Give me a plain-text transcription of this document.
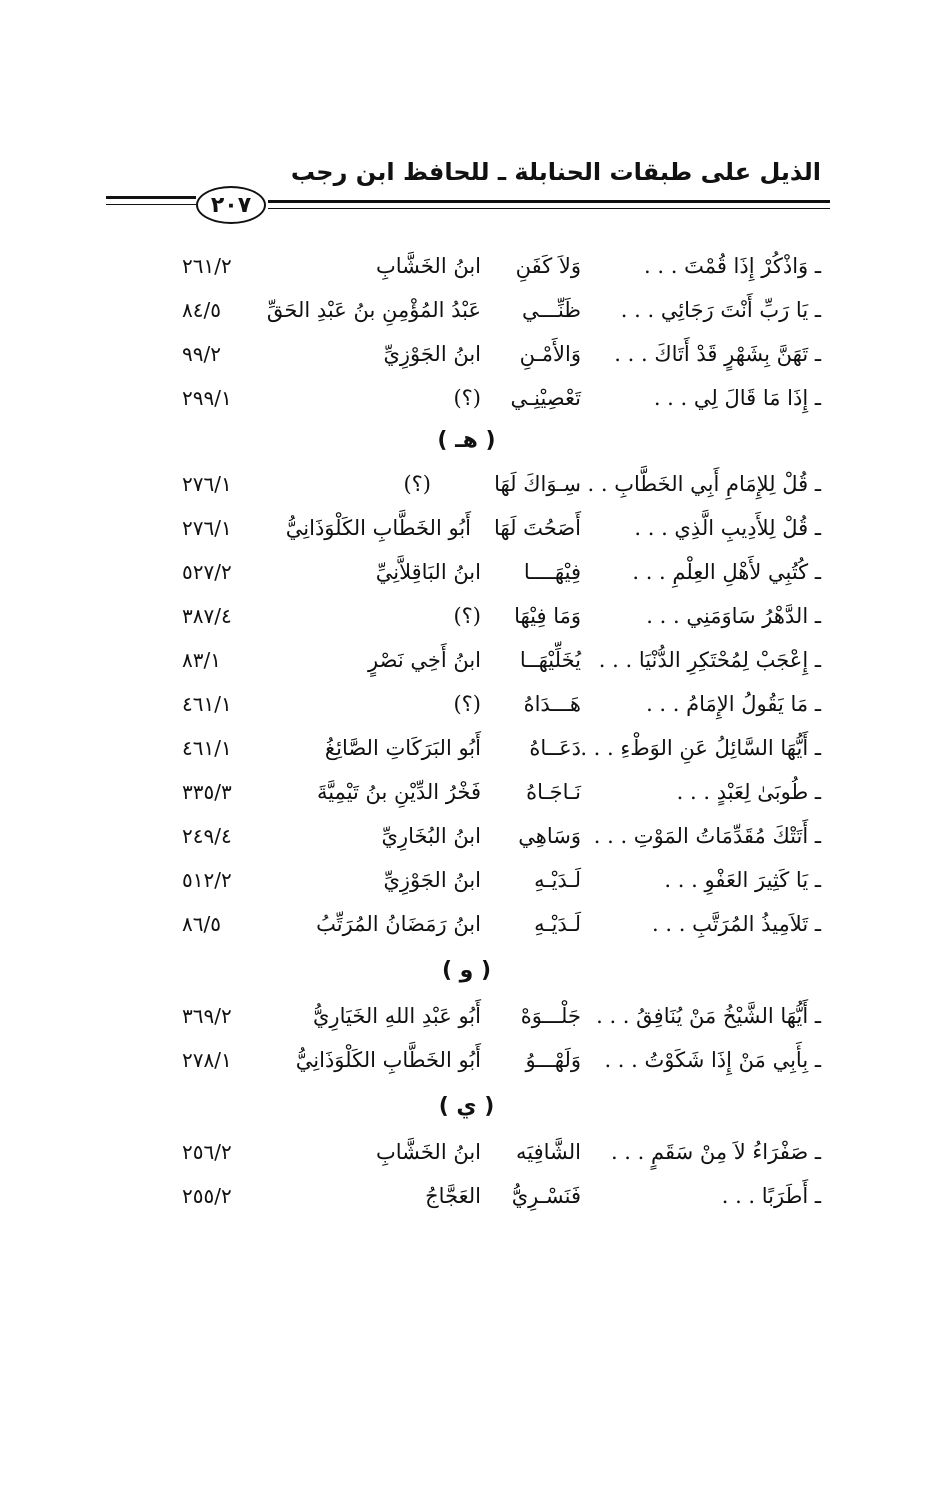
الذيل على طبقات الحنابلة ـ للحافظ ابن رجب
٢٠٧
ـ وَاذْكُرْ إِذَا قُمْتَ . . .
وَلاَ كَفَنِ
ابنُ الخَشَّابِ
٢٦١/٢
ـ يَا رَبِّ أَنْتَ رَجَائِي . . .
ظَنِّـــي
عَبْدُ المُؤْمِنِ بنُ عَبْدِ الحَقِّ
٨٤/٥
ـ تَهَنَّ بِشَهْرٍ قَدْ أَتَاكَ . . .
وَالأَمْـنِ
ابنُ الجَوْزِيِّ
٩٩/٢
ـ إِذَا مَا قَالَ لِي . . .
تَعْصِيْنِـي
(؟)
٢٩٩/١
( هـ )
ـ قُلْ لِلإِمَامِ أَبِي الخَطَّابِ . . .
سِـوَاكَ لَهَا
(؟)
٢٧٦/١
ـ قُلْ لِلأَدِيبِ الَّذِي . . .
أَصَحُتَ لَهَا
أَبُو الخَطَّابِ الكَلْوَذَانِيُّ
٢٧٦/١
ـ كُتُبِي لأَهْلِ العِلْمِ . . .
فِيْهَــــا
ابنُ البَاقِلاَّنِيِّ
٥٢٧/٢
ـ الدَّهْرُ سَاوَمَنِي . . .
وَمَا فِيْهَا
(؟)
٣٨٧/٤
ـ إِعْجَبْ لِمُحْتَكِرِ الدُّنْيَا . . .
يُخَلِّيْهَــا
ابنُ أَخِي نَصْرٍ
٨٣/١
ـ مَا يَقُولُ الإِمَامُ . . .
هَـــدَاهُ
(؟)
٤٦١/١
ـ أَيُّهَا السَّائِلُ عَنِ الوَطْءِ . . .
دَعَــاهُ
أَبُو البَرَكَاتِ الصَّائِغُ
٤٦١/١
ـ طُوبَىٰ لِعَبْدٍ . . .
نَـاجَـاهُ
فَخْرُ الدِّيْنِ بنُ تَيْمِيَّةَ
٣٣٥/٣
ـ أَتَتْكَ مُقَدِّمَاتُ المَوْتِ . . .
وَسَاهِي
ابنُ البُخَارِيِّ
٢٤٩/٤
ـ يَا كَثِيرَ العَفْوِ . . .
لَـدَيْـهِ
ابنُ الجَوْزِيِّ
٥١٢/٢
ـ تَلاَمِيذُ المُرَتَّبِ . . .
لَـدَيْـهِ
ابنُ رَمَضَانُ المُرَتِّبُ
٨٦/٥
( و )
ـ أَيُّهَا الشَّيْخُ مَنْ يُنَافِقُ . . .
جَلْـــوَهْ
أَبُو عَبْدِ اللهِ الخَيَارِيُّ
٣٦٩/٢
ـ بِأَبِي مَنْ إِذَا شَكَوْتُ . . .
وَلَهْـــوُ
أَبُو الخَطَّابِ الكَلْوَذَانِيُّ
٢٧٨/١
( ي )
ـ صَفْرَاءُ لاَ مِنْ سَقَمٍ . . .
الشَّافِيَه
ابنُ الخَشَّابِ
٢٥٦/٢
ـ أَطَرَبًا . . .
فَنَسْـرِيُّ
العَجَّاجُ
٢٥٥/٢
